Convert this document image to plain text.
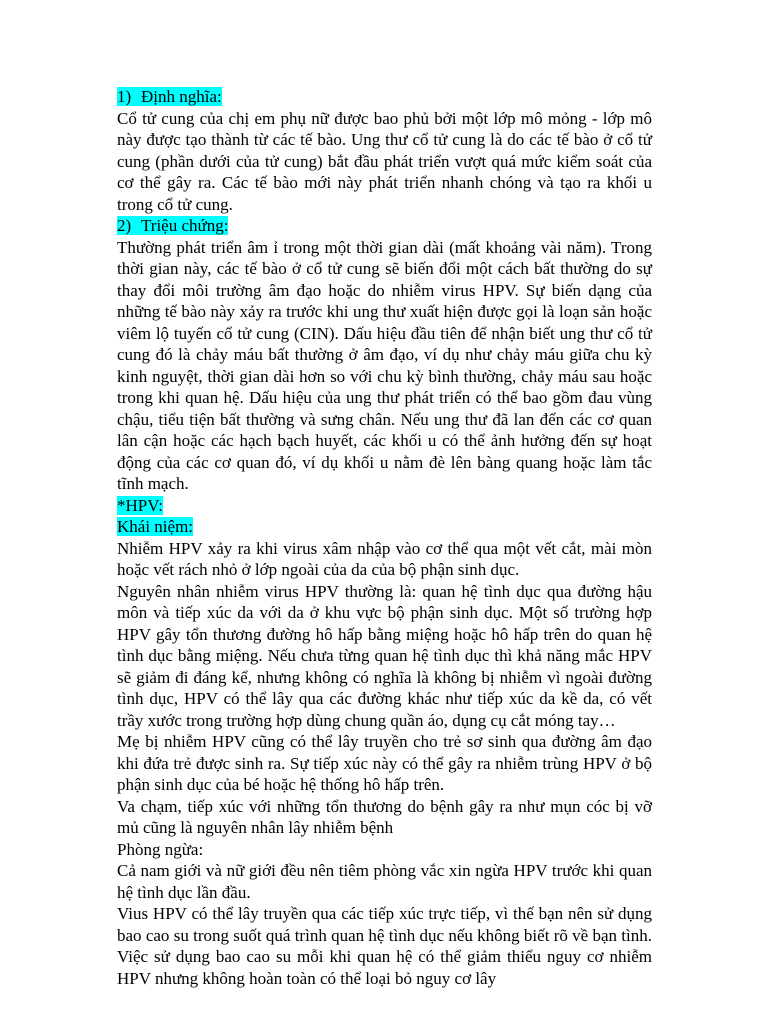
1) Định nghĩa:

Cổ tử cung của chị em phụ nữ được bao phủ bởi một lớp mô mỏng - lớp mô này được tạo thành từ các tế bào. Ung thư cổ tử cung là do các tế bào ở cổ tử cung (phần dưới của tử cung) bắt đầu phát triển vượt quá mức kiểm soát của cơ thể gây ra. Các tế bào mới này phát triển nhanh chóng và tạo ra khối u trong cổ tử cung.

2) Triệu chứng:

Thường phát triển âm ỉ trong một thời gian dài (mất khoảng vài năm). Trong thời gian này, các tế bào ở cổ tử cung sẽ biến đổi một cách bất thường do sự thay đổi môi trường âm đạo hoặc do nhiễm virus HPV. Sự biến dạng của những tế bào này xảy ra trước khi ung thư xuất hiện được gọi là loạn sản hoặc viêm lộ tuyến cổ tử cung (CIN). Dấu hiệu đầu tiên để nhận biết ung thư cổ tử cung đó là chảy máu bất thường ở âm đạo, ví dụ như chảy máu giữa chu kỳ kinh nguyệt, thời gian dài hơn so với chu kỳ bình thường, chảy máu sau hoặc trong khi quan hệ. Dấu hiệu của ung thư phát triển có thể bao gồm đau vùng chậu, tiểu tiện bất thường và sưng chân. Nếu ung thư đã lan đến các cơ quan lân cận hoặc các hạch bạch huyết, các khối u có thể ảnh hưởng đến sự hoạt động của các cơ quan đó, ví dụ khối u nằm đè lên bàng quang hoặc làm tắc tĩnh mạch.

*HPV:

Khái niệm:

Nhiễm HPV xảy ra khi virus xâm nhập vào cơ thể qua một vết cắt, mài mòn hoặc vết rách nhỏ ở lớp ngoài của da của bộ phận sinh dục.

Nguyên nhân nhiễm virus HPV thường là: quan hệ tình dục qua đường hậu môn và tiếp xúc da với da ở khu vực bộ phận sinh dục. Một số trường hợp HPV gây tổn thương đường hô hấp bằng miệng hoặc hô hấp trên do quan hệ tình dục bằng miệng. Nếu chưa từng quan hệ tình dục thì khả năng mắc HPV sẽ giảm đi đáng kể, nhưng không có nghĩa là không bị nhiễm vì ngoài đường tình dục, HPV có thể lây qua các đường khác như tiếp xúc da kề da, có vết trầy xước trong trường hợp dùng chung quần áo, dụng cụ cắt móng tay…

Mẹ bị nhiễm HPV cũng có thể lây truyền cho trẻ sơ sinh qua đường âm đạo khi đứa trẻ được sinh ra. Sự tiếp xúc này có thể gây ra nhiễm trùng HPV ở bộ phận sinh dục của bé hoặc hệ thống hô hấp trên.

Va chạm, tiếp xúc với những tổn thương do bệnh gây ra như mụn cóc bị vỡ mủ cũng là nguyên nhân lây nhiễm bệnh

Phòng ngừa:

Cả nam giới và nữ giới đều nên tiêm phòng vắc xin ngừa HPV trước khi quan hệ tình dục lần đầu.

Vius HPV có thể lây truyền qua các tiếp xúc trực tiếp, vì thế bạn nên sử dụng bao cao su trong suốt quá trình quan hệ tình dục nếu không biết rõ về bạn tình. Việc sử dụng bao cao su mỗi khi quan hệ có thể giảm thiểu nguy cơ nhiễm HPV nhưng không hoàn toàn có thể loại bỏ nguy cơ lây
